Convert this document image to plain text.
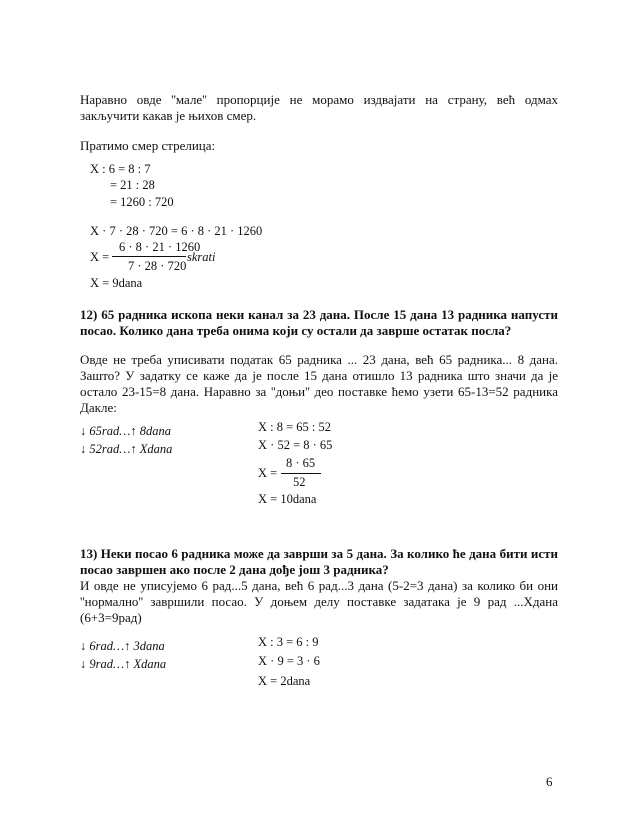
Наравно овде ''мале'' пропорције не морамо издвајати на страну, већ одмах
закључити какав је њихов смер.
Пратимо смер стрелица:
X : 6 = 8 : 7
= 21 : 28
= 1260 : 720
X · 7 · 28 · 720 = 6 · 8 · 21 · 1260
X =
6 · 8 · 21 · 1260
7 · 28 · 720
skrati
X = 9dana
12) 65 радника ископа неки канал за 23 дана. После 15 дана 13 радника напусти
посао. Колико дана треба онима који су остали да заврше остатак посла?
Овде не треба уписивати податак 65 радника ... 23 дана, већ 65 радника... 8 дана.
Зашто? У задатку се каже да је после 15 дана отишло 13 радника што значи да је
остало 23-15=8 дана. Наравно за ''доњи'' део поставке ћемо узети 65-13=52 радника
Дакле:
↓ 65rad…↑ 8dana
↓ 52rad…↑ Xdana
X : 8 = 65 : 52
X · 52 = 8 · 65
X =
8 · 65
52
X = 10dana
13) Неки посао 6 радника може да заврши за 5 дана. За колико ће дана бити исти
посао завршен ако после 2 дана дође још 3 радника?
И овде не уписујемо 6 рад...5 дана, већ 6 рад...3 дана (5-2=3 дана) за колико би они
''нормално'' завршили посао. У доњем делу поставке задатака је 9 рад ...Xдана
(6+3=9рад)
↓ 6rad…↑ 3dana
↓ 9rad…↑ Xdana
X : 3 = 6 : 9
X · 9 = 3 · 6
X = 2dana
6
